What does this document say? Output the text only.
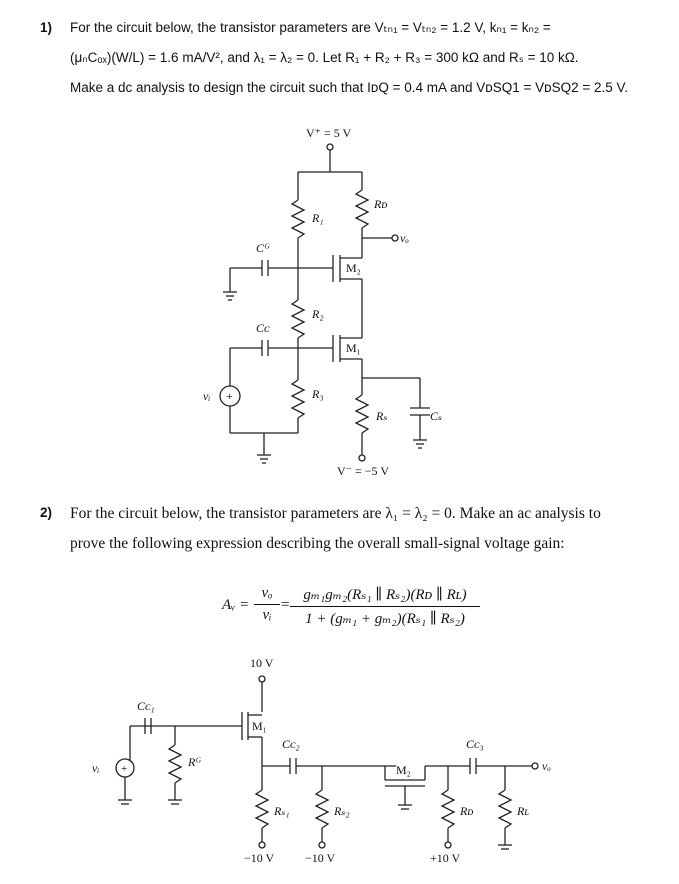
1) For the circuit below, the transistor parameters are Vₜₙ₁ = Vₜₙ₂ = 1.2 V, kₙ₁ = kₙ₂ =
(μₙCₒₓ)(W/L) = 1.6 mA/V², and λ₁ = λ₂ = 0. Let R₁ + R₂ + R₃ = 300 kΩ and Rₛ = 10 kΩ.
Make a dc analysis to design the circuit such that IᴅQ = 0.4 mA and VᴅSQ1 = VᴅSQ2 = 2.5 V.
+
V⁺ = 5 V
R₁
R₂
R₃
Rᴅ
Rₛ
Cᴳ
Cᴄ
Cₛ
M₂
M₁
vₒ
vᵢ
V⁻ = −5 V
2) For the circuit below, the transistor parameters are λ₁ = λ₂ = 0. Make an ac analysis to
prove the following expression describing the overall small-signal voltage gain:
Aᵥ =
vₒ
vᵢ
=
gₘ₁gₘ₂(Rₛ₁ ∥ Rₛ₂)(Rᴅ ∥ Rʟ)
1 + (gₘ₁ + gₘ₂)(Rₛ₁ ∥ Rₛ₂)
+
10 V
Cᴄ₁
Cᴄ₂	Cᴄ₃
Rᴳ
Rₛ₁	Rₛ₂	Rᴅ	Rʟ
M₁
M₂
vᵢ	vₒ
−10 V	−10 V	+10 V
